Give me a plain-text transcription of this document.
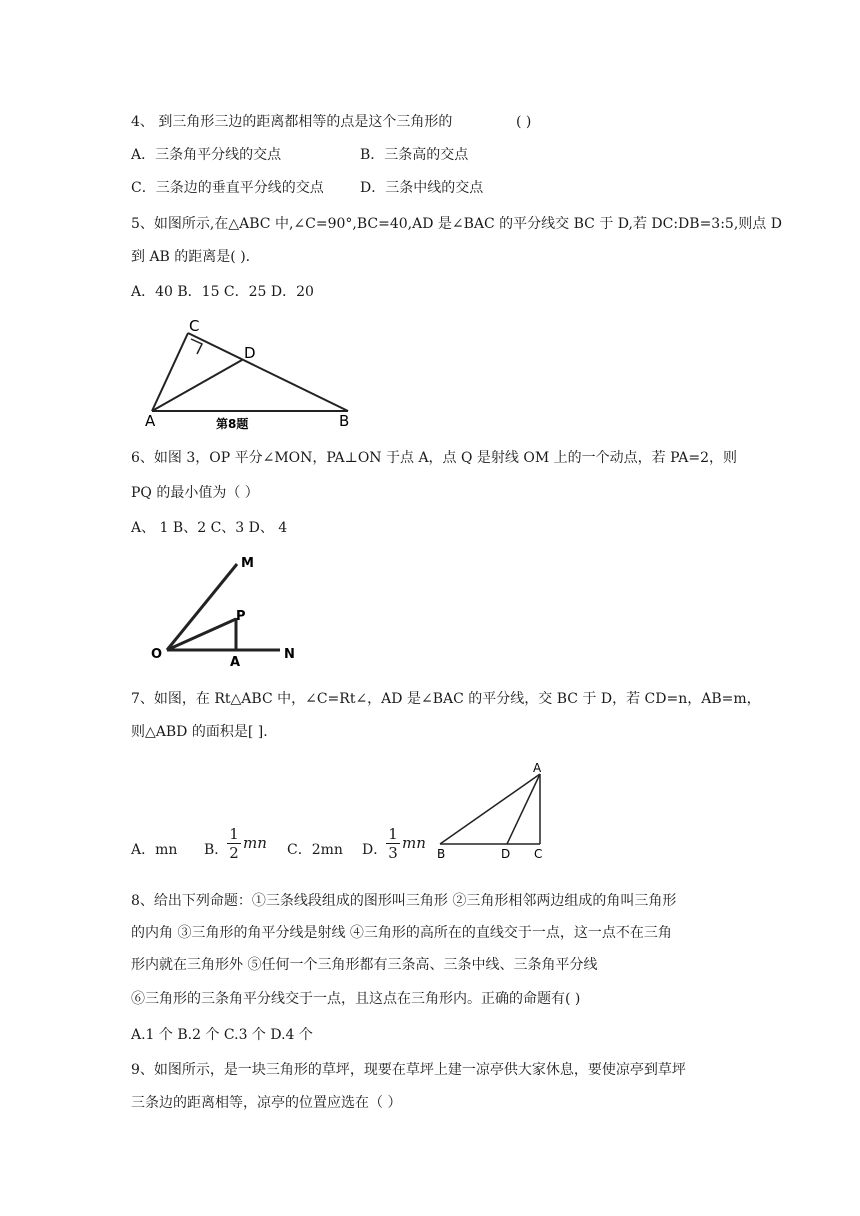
4、 到三角形三边的距离都相等的点是这个三角形的	( )
A．三条角平分线的交点	B．三条高的交点
C．三条边的垂直平分线的交点	D．三条中线的交点
5、如图所示,在△ABC 中,∠C=90°,BC=40,AD 是∠BAC 的平分线交 BC 于 D,若 DC:DB=3:5,则点 D
到 AB 的距离是( ).
A．40 B．15 C．25 D．20
C
D
A	B
第8题
6、如图 3，OP 平分∠MON，PA⊥ON 于点 A，点 Q 是射线 OM 上的一个动点，若 PA=2，则
PQ 的最小值为（ ）
A、 1 B、2 C、3 D、 4
M
P
O
A
N
7、如图，在 Rt△ABC 中，∠C=Rt∠，AD 是∠BAC 的平分线，交 BC 于 D，若 CD=n，AB=m，
则△ABD 的面积是[ ].
A．mn B．
1
2
mn C．2mn D．
1
3
mn
A
B	D C
8、给出下列命题：①三条线段组成的图形叫三角形 ②三角形相邻两边组成的角叫三角形
的内角 ③三角形的角平分线是射线 ④三角形的高所在的直线交于一点，这一点不在三角
形内就在三角形外 ⑤任何一个三角形都有三条高、三条中线、三条角平分线
⑥三角形的三条角平分线交于一点，且这点在三角形内。正确的命题有( )
A.1 个 B.2 个 C.3 个 D.4 个
9、如图所示，是一块三角形的草坪，现要在草坪上建一凉亭供大家休息，要使凉亭到草坪
三条边的距离相等，凉亭的位置应选在（ ）
